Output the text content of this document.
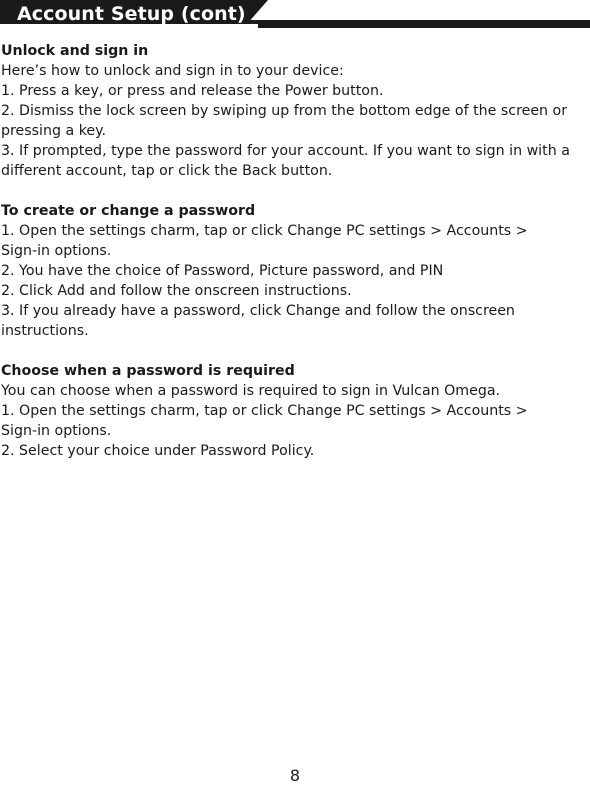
Account Setup (cont)

Unlock and sign in

Here’s how to unlock and sign in to your device:

1. Press a key, or press and release the Power button.

2. Dismiss the lock screen by swiping up from the bottom edge of the screen or

pressing a key.

3. If prompted, type the password for your account. If you want to sign in with a

different account, tap or click the Back button.

To create or change a password

1. Open the settings charm, tap or click Change PC settings > Accounts >

Sign-in options.

2. You have the choice of Password, Picture password, and PIN

2. Click Add and follow the onscreen instructions.

3. If you already have a password, click Change and follow the onscreen

instructions.

Choose when a password is required

You can choose when a password is required to sign in Vulcan Omega.

1. Open the settings charm, tap or click Change PC settings > Accounts >

Sign-in options.

2. Select your choice under Password Policy.

8
